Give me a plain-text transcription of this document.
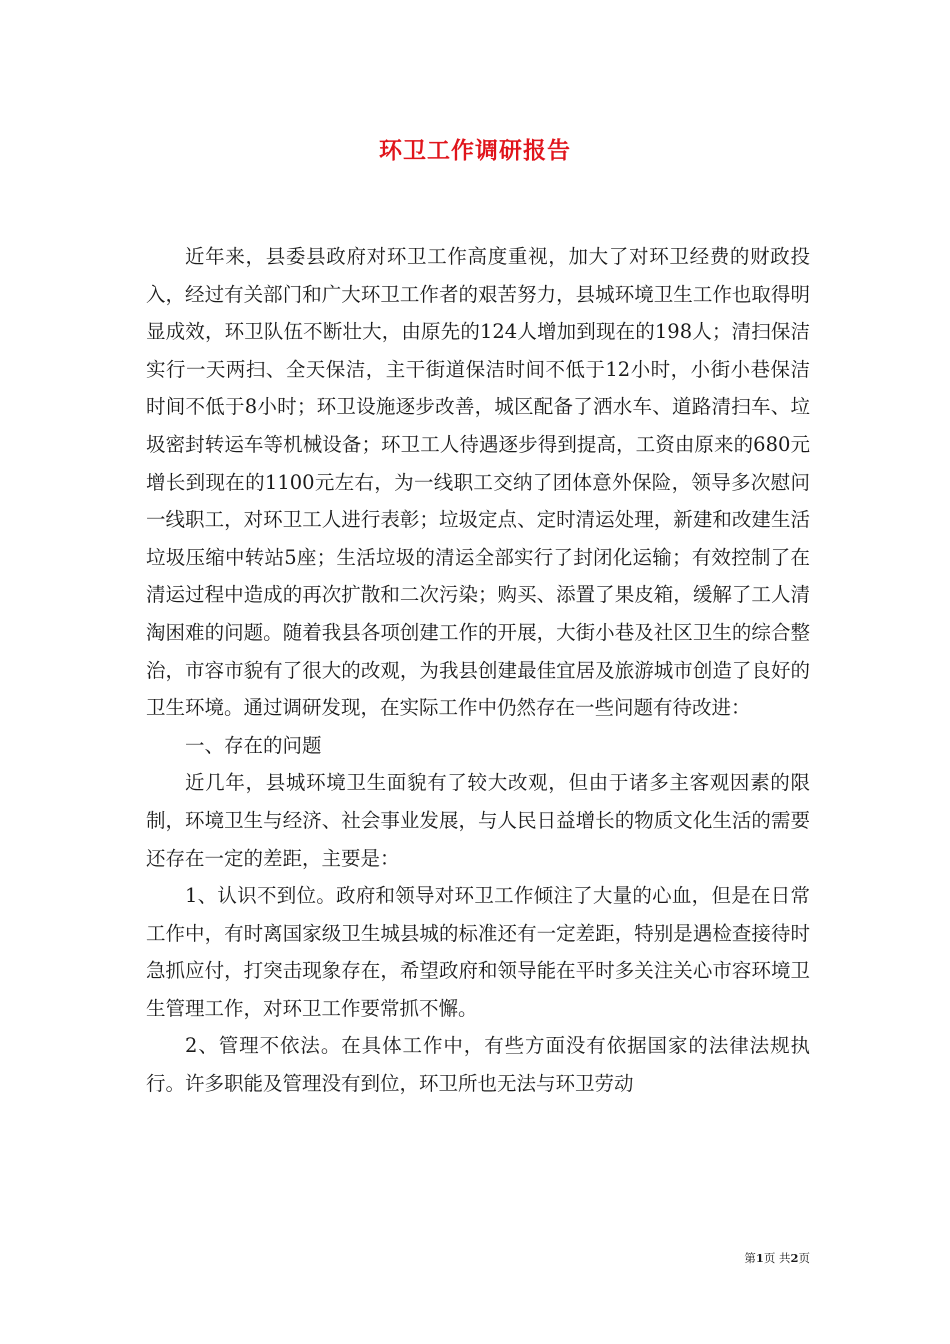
环卫工作调研报告

近年来，县委县政府对环卫工作高度重视，加大了对环卫经费的财政投入，经过有关部门和广大环卫工作者的艰苦努力，县城环境卫生工作也取得明显成效，环卫队伍不断壮大，由原先的124人增加到现在的198人；清扫保洁实行一天两扫、全天保洁，主干街道保洁时间不低于12小时，小街小巷保洁时间不低于8小时；环卫设施逐步改善，城区配备了洒水车、道路清扫车、垃圾密封转运车等机械设备；环卫工人待遇逐步得到提高，工资由原来的680元增长到现在的1100元左右，为一线职工交纳了团体意外保险，领导多次慰问一线职工，对环卫工人进行表彰；垃圾定点、定时清运处理，新建和改建生活垃圾压缩中转站5座；生活垃圾的清运全部实行了封闭化运输；有效控制了在清运过程中造成的再次扩散和二次污染；购买、添置了果皮箱，缓解了工人清淘困难的问题。随着我县各项创建工作的开展，大街小巷及社区卫生的综合整治，市容市貌有了很大的改观，为我县创建最佳宜居及旅游城市创造了良好的卫生环境。通过调研发现，在实际工作中仍然存在一些问题有待改进：

一、存在的问题

近几年，县城环境卫生面貌有了较大改观，但由于诸多主客观因素的限制，环境卫生与经济、社会事业发展，与人民日益增长的物质文化生活的需要还存在一定的差距，主要是：

1、认识不到位。政府和领导对环卫工作倾注了大量的心血，但是在日常工作中，有时离国家级卫生城县城的标准还有一定差距，特别是遇检查接待时急抓应付，打突击现象存在，希望政府和领导能在平时多关注关心市容环境卫生管理工作，对环卫工作要常抓不懈。

2、管理不依法。在具体工作中，有些方面没有依据国家的法律法规执行。许多职能及管理没有到位，环卫所也无法与环卫劳动

第1页 共2页
